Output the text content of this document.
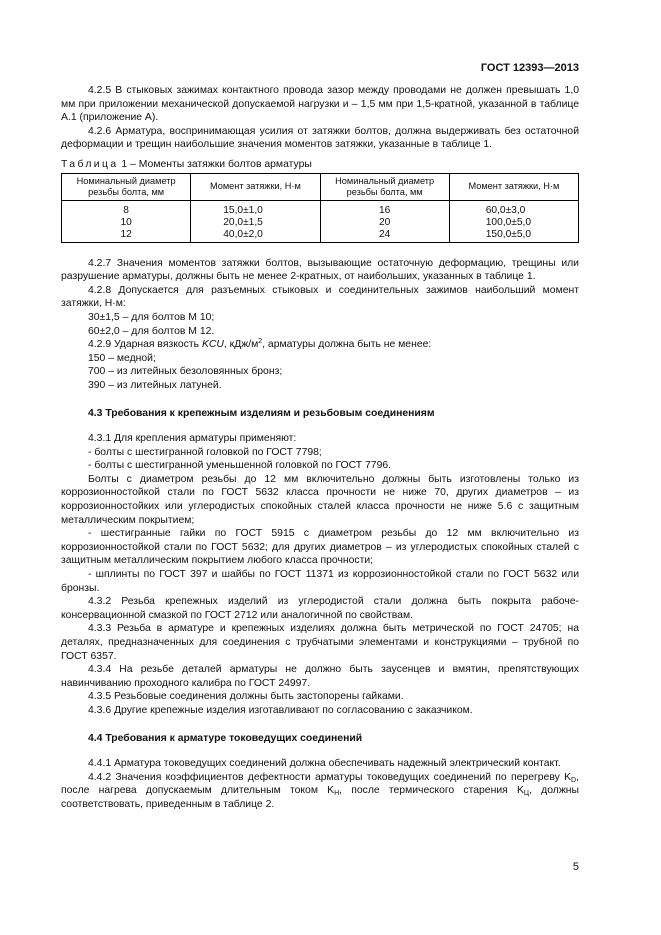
ГОСТ 12393—2013

4.2.5 В стыковых зажимах контактного провода зазор между проводами не должен превышать 1,0 мм при приложении механической допускаемой нагрузки и – 1,5 мм при 1,5-кратной, указанной в таблице А.1 (приложение А).

4.2.6 Арматура, воспринимающая усилия от затяжки болтов, должна выдерживать без остаточной деформации и трещин наибольшие значения моментов затяжки, указанные в таблице 1.

Таблица 1 – Моменты затяжки болтов арматуры
Номинальный диаметр резьбы болта, мм	Момент затяжки, Н·м	Номинальный диаметр резьбы болта, мм	Момент затяжки, Н·м
8	15,0±1,0	16	60,0±3,0
10	20,0±1,5	20	100,0±5,0
12	40,0±2,0	24	150,0±5,0

4.2.7 Значения моментов затяжки болтов, вызывающие остаточную деформацию, трещины или разрушение арматуры, должны быть не менее 2-кратных, от наибольших, указанных в таблице 1.

4.2.8 Допускается для разъемных стыковых и соединительных зажимов наибольший момент затяжки, Н·м:

30±1,5 – для болтов М 10;

60±2,0 – для болтов М 12.

4.2.9 Ударная вязкость KCU, кДж/$м^2$, арматуры должна быть не менее:

150 – медной;

700 – из литейных безоловянных бронз;

390 – из литейных латуней.

4.3 Требования к крепежным изделиям и резьбовым соединениям

4.3.1 Для крепления арматуры применяют:

- болты с шестигранной головкой по ГОСТ 7798;

- болты с шестигранной уменьшенной головкой по ГОСТ 7796.

Болты с диаметром резьбы до 12 мм включительно должны быть изготовлены только из коррозионностойкой стали по ГОСТ 5632 класса прочности не ниже 70, других диаметров – из коррозионностойких или углеродистых спокойных сталей класса прочности не ниже 5.6 с защитным металлическим покрытием;

- шестигранные гайки по ГОСТ 5915 с диаметром резьбы до 12 мм включительно из коррозионностойкой стали по ГОСТ 5632; для других диаметров – из углеродистых спокойных сталей с защитным металлическим покрытием любого класса прочности;

- шплинты по ГОСТ 397 и шайбы по ГОСТ 11371 из коррозионностойкой стали по ГОСТ 5632 или бронзы.

4.3.2 Резьба крепежных изделий из углеродистой стали должна быть покрыта рабоче-консервационной смазкой по ГОСТ 2712 или аналогичной по свойствам.

4.3.3 Резьба в арматуре и крепежных изделиях должна быть метрической по ГОСТ 24705; на деталях, предназначенных для соединения с трубчатыми элементами и конструкциями – трубной по ГОСТ 6357.

4.3.4 На резьбе деталей арматуры не должно быть заусенцев и вмятин, препятствующих навинчиванию проходного калибра по ГОСТ 24997.

4.3.5 Резьбовые соединения должны быть застопорены гайками.

4.3.6 Другие крепежные изделия изготавливают по согласованию с заказчиком.

4.4 Требования к арматуре токоведущих соединений

4.4.1 Арматура токоведущих соединений должна обеспечивать надежный электрический контакт.

4.4.2 Значения коэффициентов дефектности арматуры токоведущих соединений по перегреву $K_D$, после нагрева допускаемым длительным током $K_H$, после термического старения $K_Ц$, должны соответствовать, приведенным в таблице 2.

5
